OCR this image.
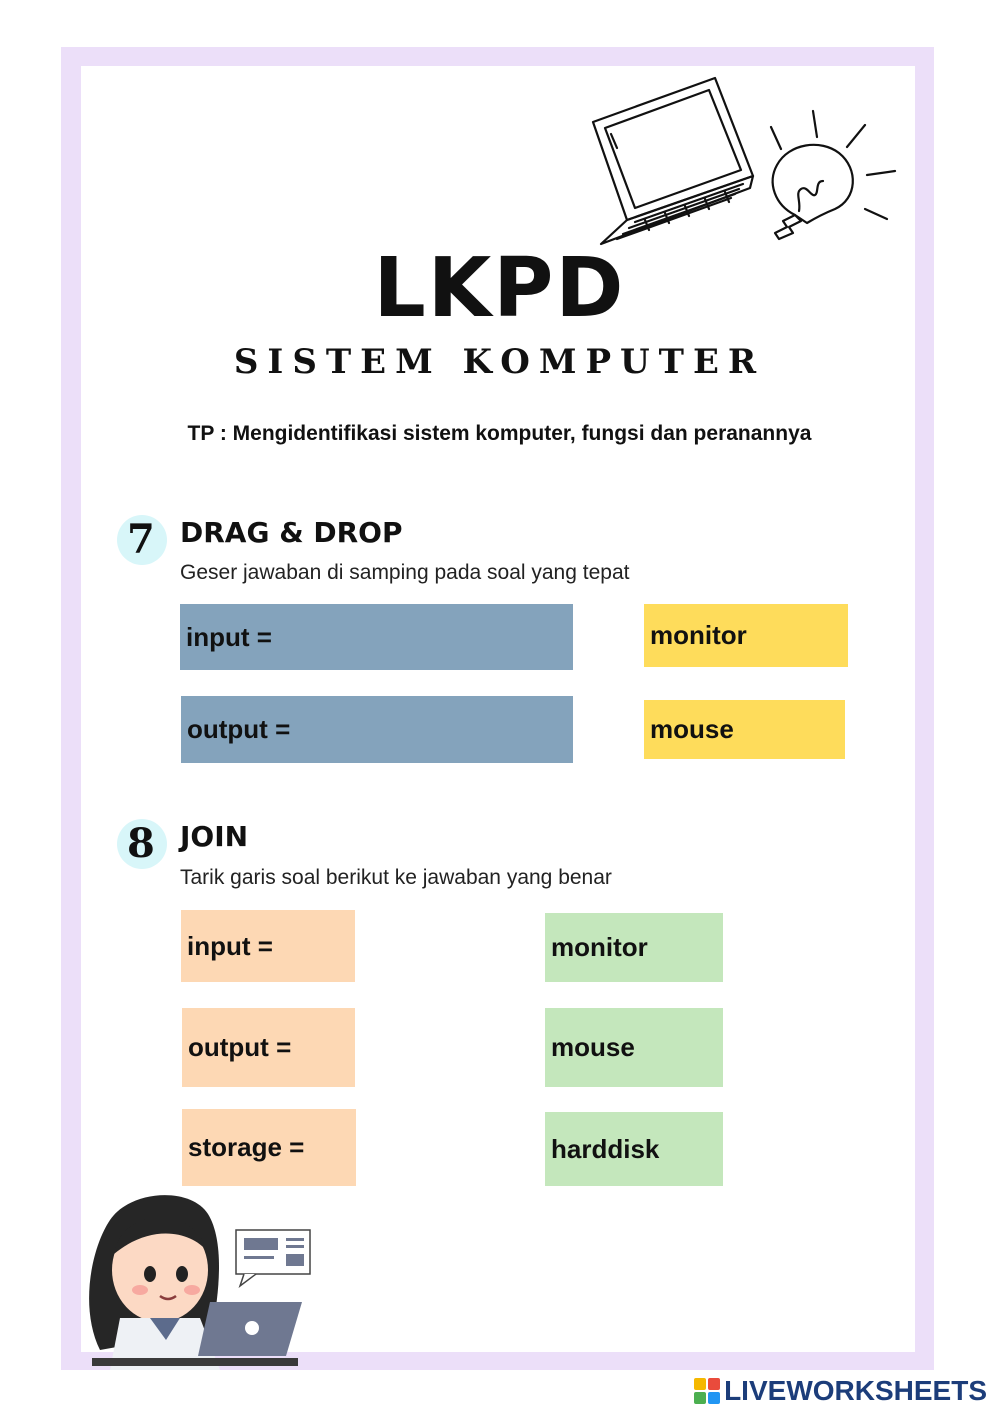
LKPD
SISTEM KOMPUTER
TP : Mengidentifikasi sistem komputer, fungsi dan peranannya
7 DRAG & DROP
Geser jawaban di samping pada soal yang tepat
input =
output =
monitor
mouse
8 JOIN
Tarik garis soal berikut ke jawaban yang benar
input =
output =
storage =
monitor
mouse
harddisk
LIVEWORKSHEETS
